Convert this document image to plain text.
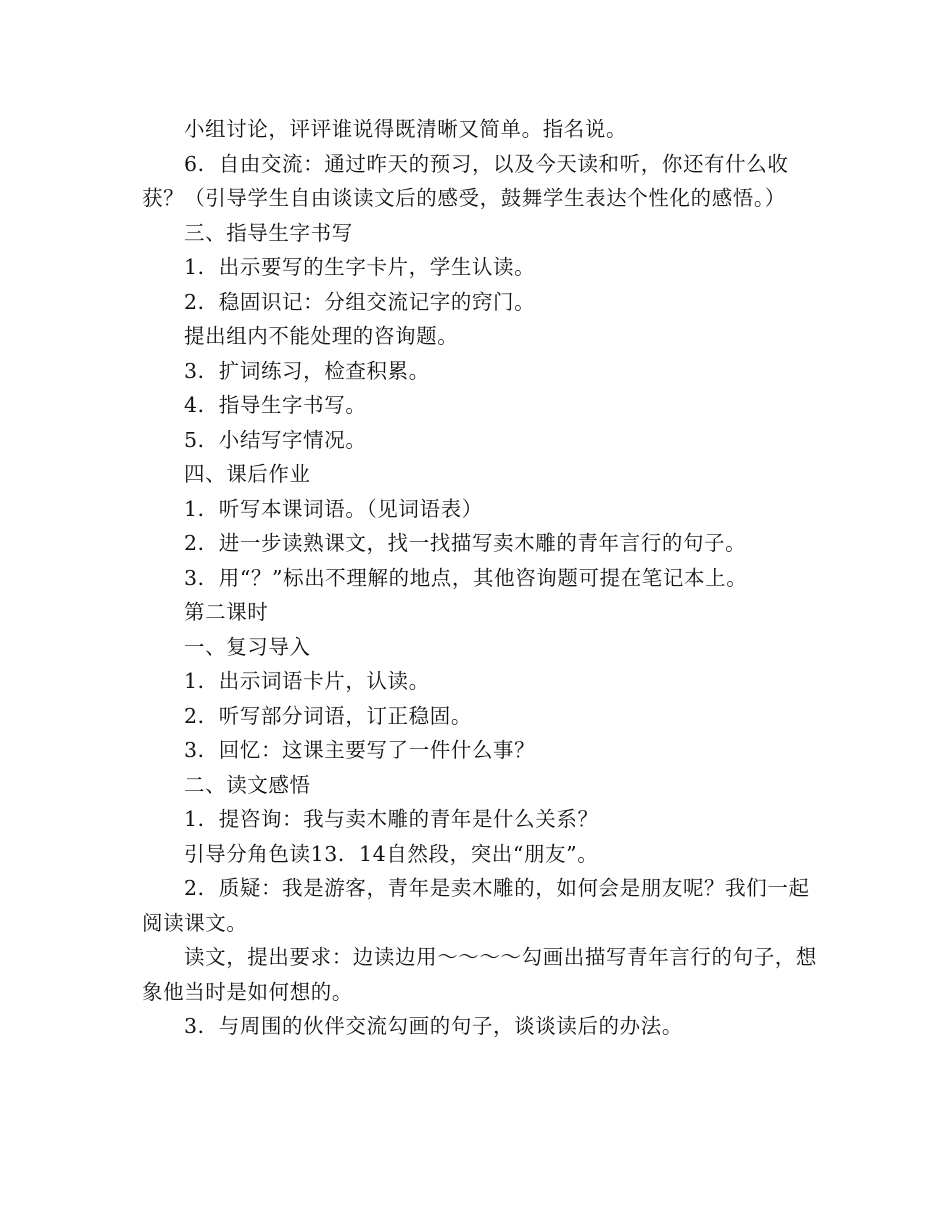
小组讨论，评评谁说得既清晰又简单。指名说。

6．自由交流：通过昨天的预习，以及今天读和听，你还有什么收获？（引导学生自由谈读文后的感受，鼓舞学生表达个性化的感悟。）

三、指导生字书写

1．出示要写的生字卡片，学生认读。

2．稳固识记：分组交流记字的窍门。

提出组内不能处理的咨询题。

3．扩词练习，检查积累。

4．指导生字书写。

5．小结写字情况。

四、课后作业

1．听写本课词语。（见词语表）

2．进一步读熟课文，找一找描写卖木雕的青年言行的句子。

3．用“？”标出不理解的地点，其他咨询题可提在笔记本上。

第二课时

一、复习导入

1．出示词语卡片，认读。

2．听写部分词语，订正稳固。

3．回忆：这课主要写了一件什么事？

二、读文感悟

1．提咨询：我与卖木雕的青年是什么关系？

引导分角色读13．14自然段，突出“朋友”。

2．质疑：我是游客，青年是卖木雕的，如何会是朋友呢？我们一起阅读课文。

读文，提出要求：边读边用～～～～勾画出描写青年言行的句子，想象他当时是如何想的。

3．与周围的伙伴交流勾画的句子，谈谈读后的办法。
